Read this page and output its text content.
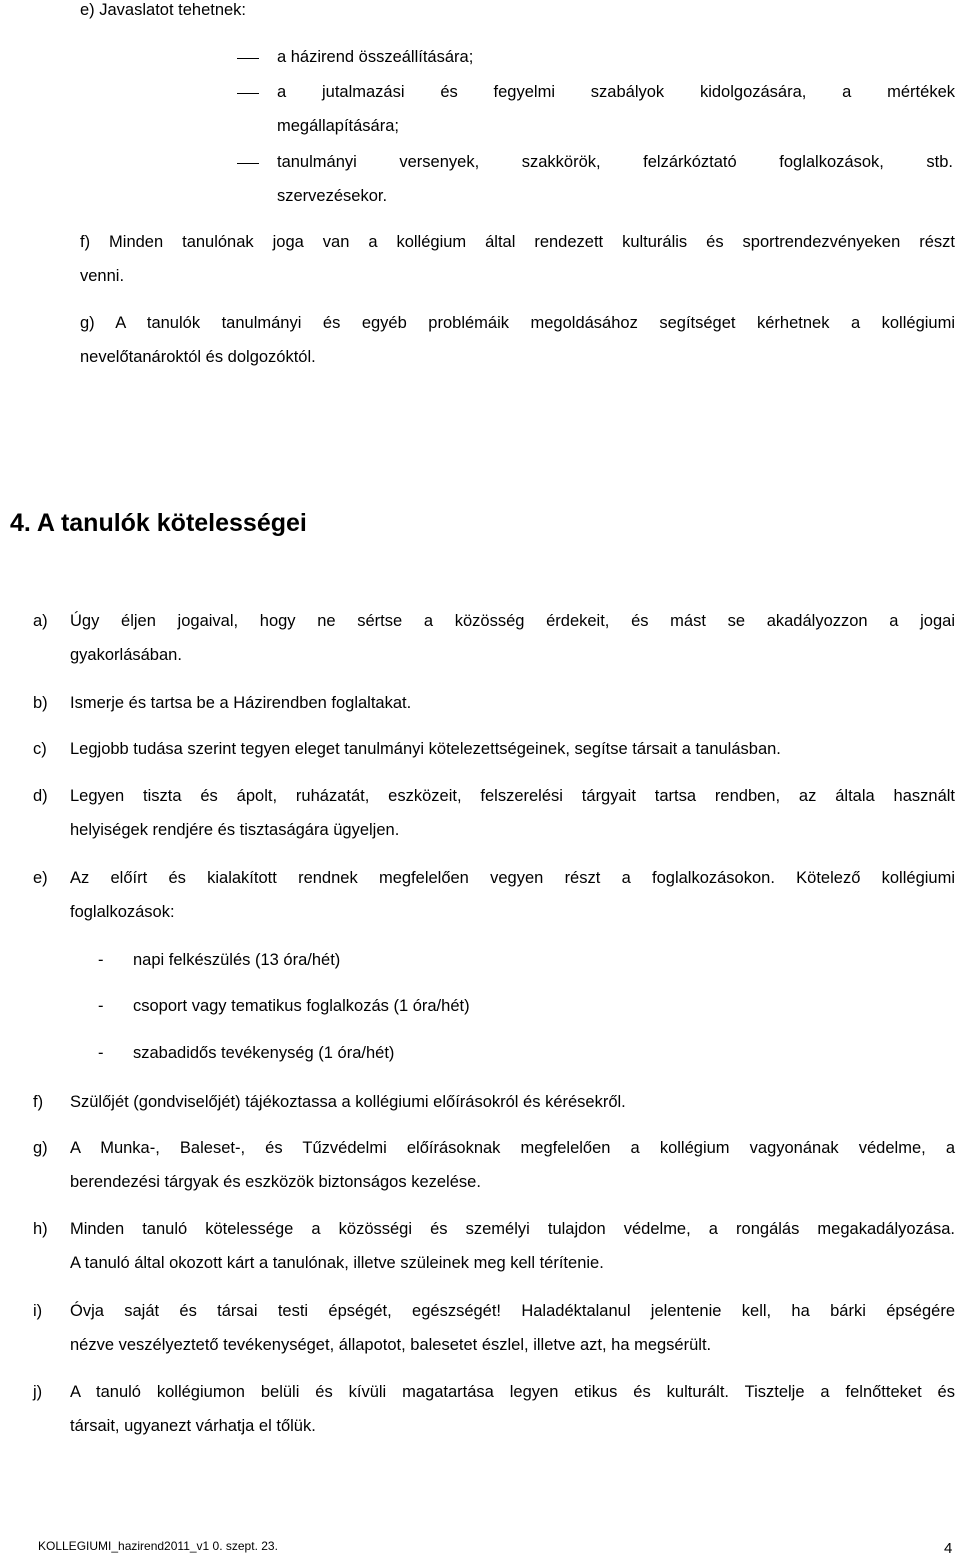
e) Javaslatot tehetnek:
a házirend összeállítására;
a jutalmazási és fegyelmi szabályok kidolgozására, a mértékek
megállapítására;
tanulmányi versenyek, szakkörök, felzárkóztató foglalkozások, stb.
szervezésekor.
f) Minden tanulónak joga van a kollégium által rendezett kulturális és sportrendezvényeken részt
venni.
g) A tanulók tanulmányi és egyéb problémáik megoldásához segítséget kérhetnek a kollégiumi
nevelőtanároktól és dolgozóktól.
4. A tanulók kötelességei
a) Úgy éljen jogaival, hogy ne sértse a közösség érdekeit, és mást se akadályozzon a jogai
gyakorlásában.
b) Ismerje és tartsa be a Házirendben foglaltakat.
c) Legjobb tudása szerint tegyen eleget tanulmányi kötelezettségeinek, segítse társait a tanulásban.
d) Legyen tiszta és ápolt, ruházatát, eszközeit, felszerelési tárgyait tartsa rendben, az általa használt
helyiségek rendjére és tisztaságára ügyeljen.
e) Az előírt és kialakított rendnek megfelelően vegyen részt a foglalkozásokon. Kötelező kollégiumi
foglalkozások:
- napi felkészülés (13 óra/hét)
- csoport vagy tematikus foglalkozás (1 óra/hét)
- szabadidős tevékenység (1 óra/hét)
f) Szülőjét (gondviselőjét) tájékoztassa a kollégiumi előírásokról és kérésekről.
g) A Munka-, Baleset-, és Tűzvédelmi előírásoknak megfelelően a kollégium vagyonának védelme, a
berendezési tárgyak és eszközök biztonságos kezelése.
h) Minden tanuló kötelessége a közösségi és személyi tulajdon védelme, a rongálás megakadályozása.
A tanuló által okozott kárt a tanulónak, illetve szüleinek meg kell térítenie.
i) Óvja saját és társai testi épségét, egészségét! Haladéktalanul jelentenie kell, ha bárki épségére
nézve veszélyeztető tevékenységet, állapotot, balesetet észlel, illetve azt, ha megsérült.
j) A tanuló kollégiumon belüli és kívüli magatartása legyen etikus és kulturált. Tisztelje a felnőtteket és
társait, ugyanezt várhatja el tőlük.
KOLLEGIUMI_hazirend2011_v1 0. szept. 23.	4
